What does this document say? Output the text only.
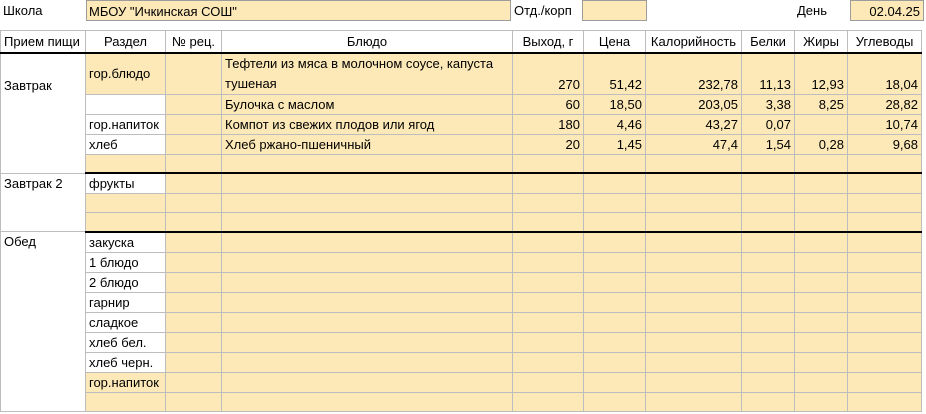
Школа	МБОУ "Ичкинская СОШ"	Отд./корп	День	02.04.25
Прием пищи	Раздел	№ рец.	Блюдо	Выход, г	Цена	Калорийность	Белки	Жиры	Углеводы
Завтрак	гор.блюдо		Тефтели из мяса в молочном соусе, капуста тушеная	270	51,42	232,78	11,13	12,93	18,04
			Булочка с маслом	60	18,50	203,05	3,38	8,25	28,82
	гор.напиток		Компот из свежих плодов или ягод	180	4,46	43,27	0,07		10,74
	хлеб		Хлеб ржано-пшеничный	20	1,45	47,4	1,54	0,28	9,68

Завтрак 2	фрукты								

Обед	закуска								
	1 блюдо								
	2 блюдо								
	гарнир								
	сладкое								
	хлеб бел.								
	хлеб черн.								
	гор.напиток								
